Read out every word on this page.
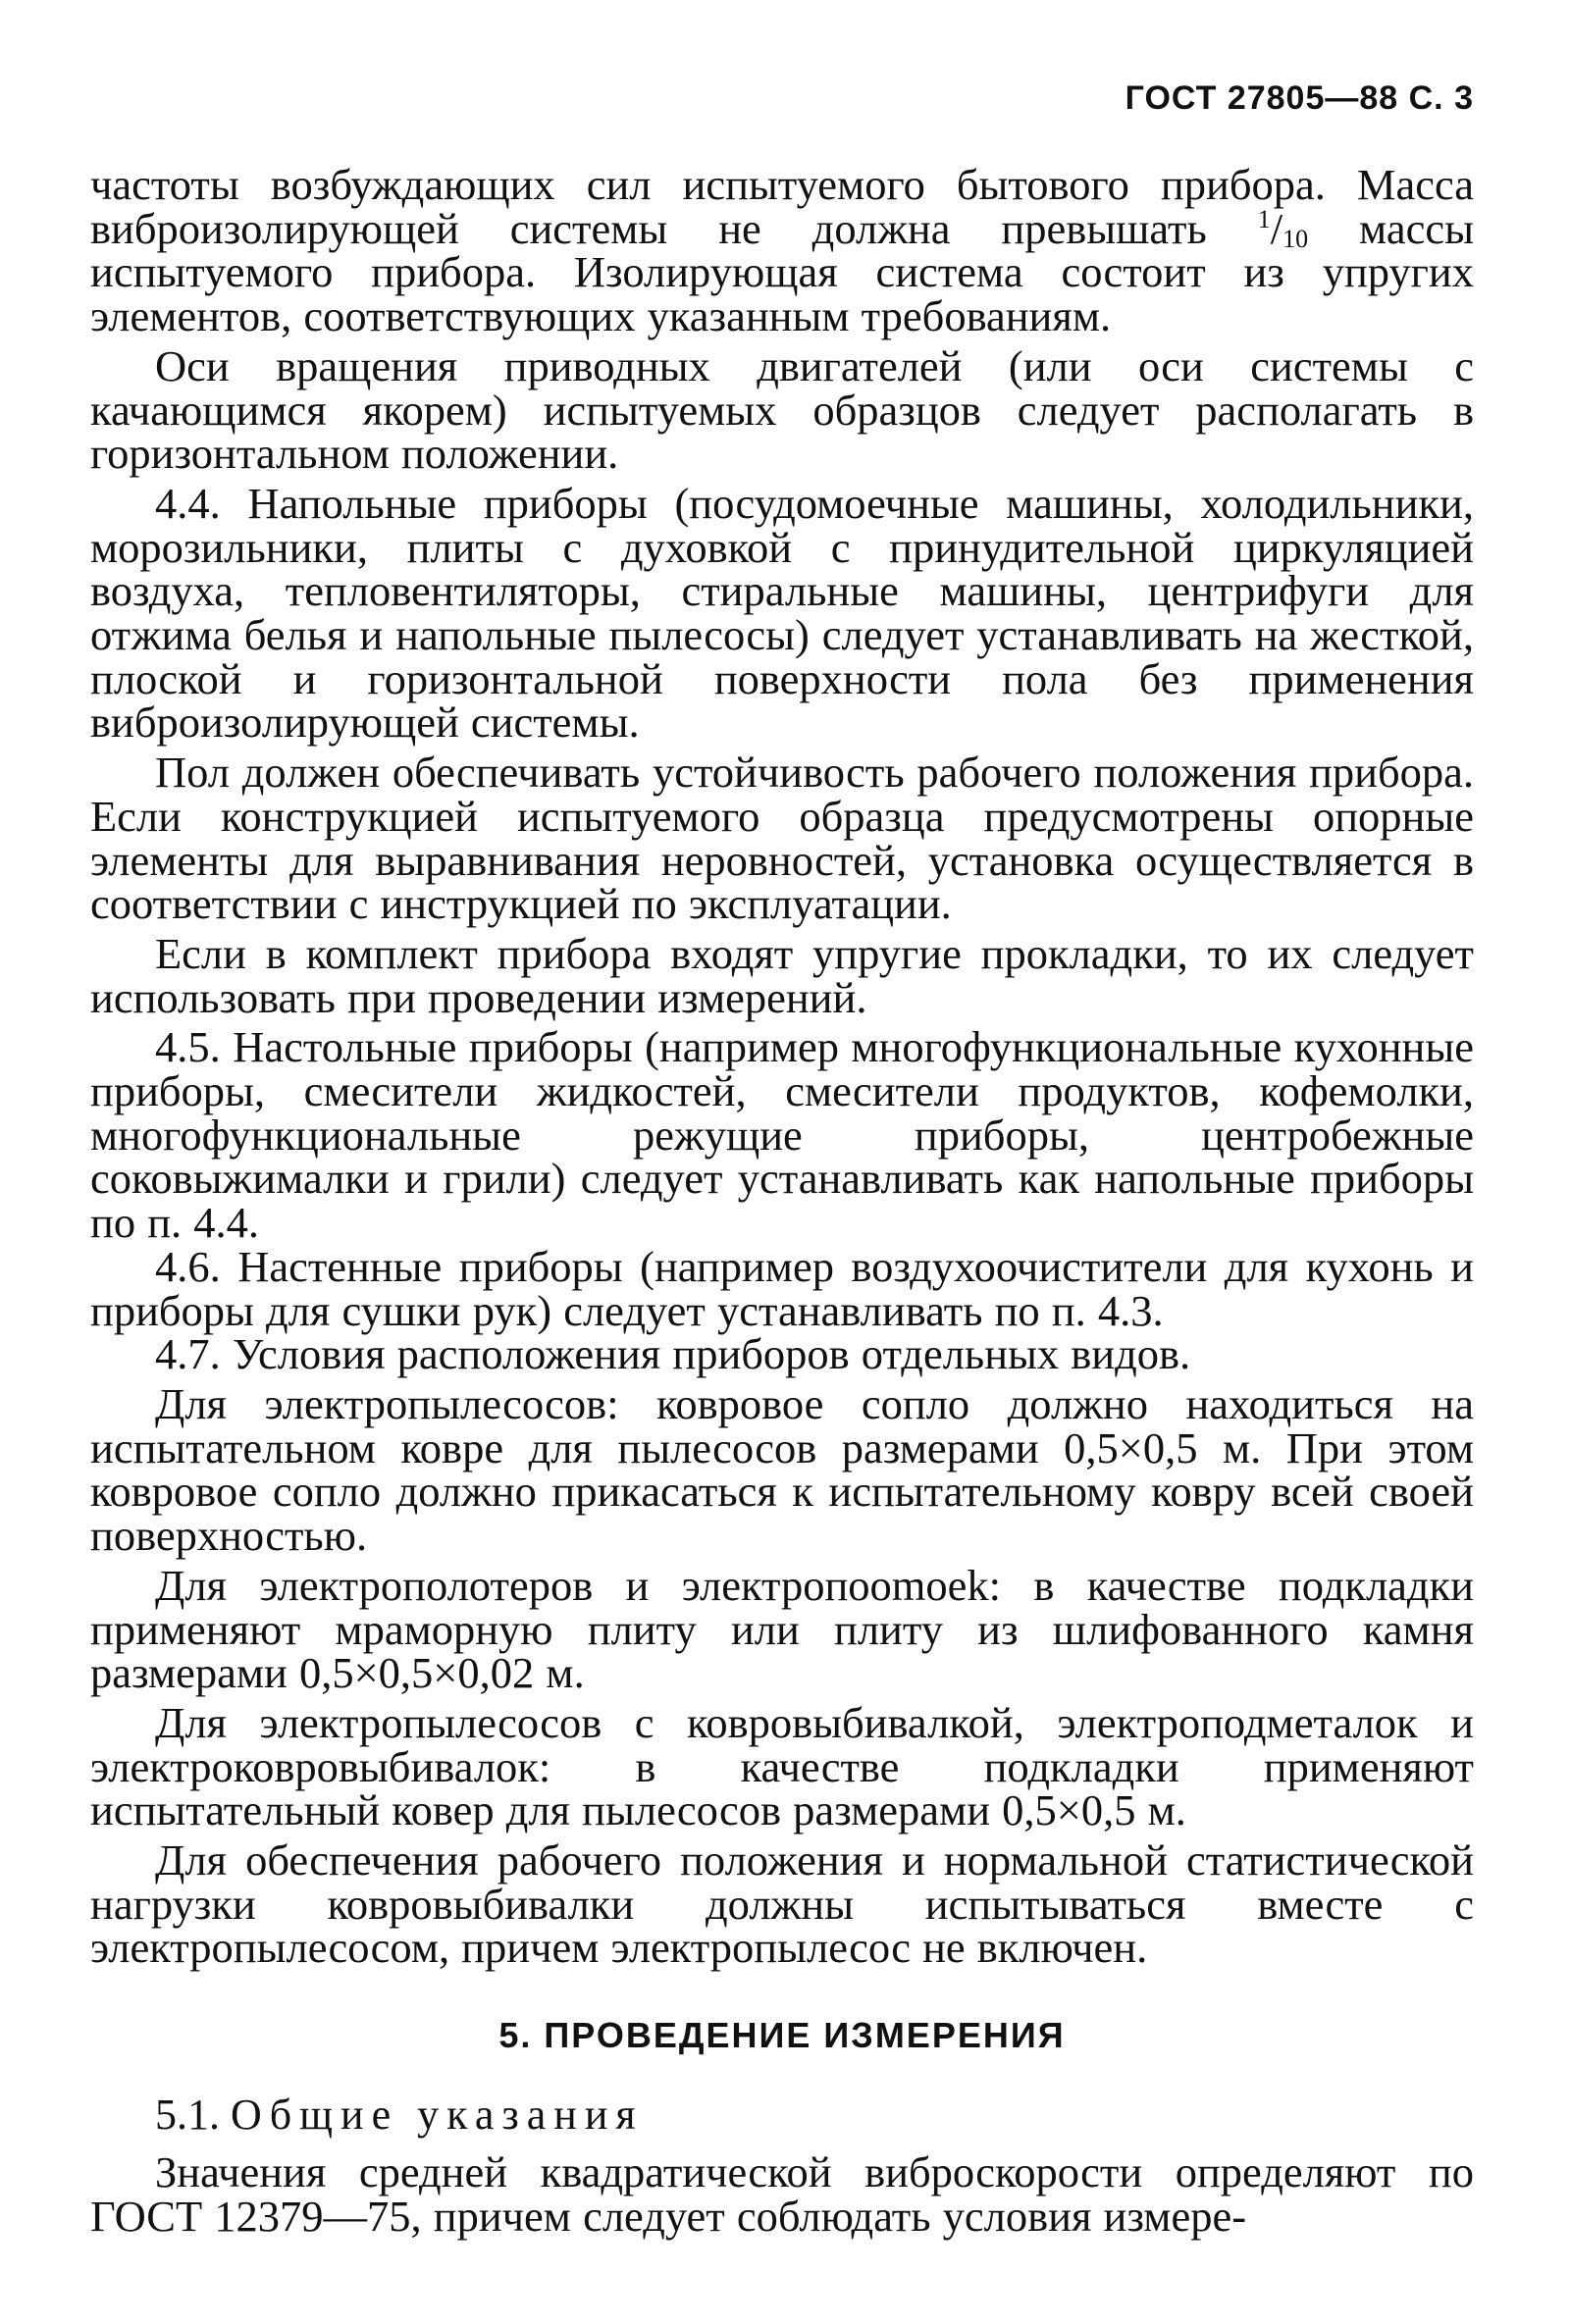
ГОСТ 27805—88 С. 3

частоты возбуждающих сил испытуемого бытового прибора. Масса виброизолирующей системы не должна превышать $^1/_{10}$ массы испытуемого прибора. Изолирующая система состоит из упругих элементов, соответствующих указанным требованиям.

Оси вращения приводных двигателей (или оси системы с качающимся якорем) испытуемых образцов следует располагать в горизонтальном положении.

4.4. Напольные приборы (посудомоечные машины, холодильники, морозильники, плиты с духовкой с принудительной циркуляцией воздуха, тепловентиляторы, стиральные машины, центрифуги для отжима белья и напольные пылесосы) следует устанавливать на жесткой, плоской и горизонтальной поверхности пола без применения виброизолирующей системы.

Пол должен обеспечивать устойчивость рабочего положения прибора. Если конструкцией испытуемого образца предусмотрены опорные элементы для выравнивания неровностей, установка осуществляется в соответствии с инструкцией по эксплуатации.

Если в комплект прибора входят упругие прокладки, то их следует использовать при проведении измерений.

4.5. Настольные приборы (например многофункциональные кухонные приборы, смесители жидкостей, смесители продуктов, кофемолки, многофункциональные режущие приборы, центробежные соковыжималки и грили) следует устанавливать как напольные приборы по п. 4.4.

4.6. Настенные приборы (например воздухоочистители для кухонь и приборы для сушки рук) следует устанавливать по п. 4.3.

4.7. Условия расположения приборов отдельных видов.

Для электропылесосов: ковровое сопло должно находиться на испытательном ковре для пылесосов размерами 0,5×0,5 м. При этом ковровое сопло должно прикасаться к испытательному ковру всей своей поверхностью.

Для электрополотеров и электропоomoek: в качестве подкладки применяют мраморную плиту или плиту из шлифованного камня размерами 0,5×0,5×0,02 м.

Для электропылесосов с ковровыбивалкой, электроподметалок и электроковровыбивалок: в качестве подкладки применяют испытательный ковер для пылесосов размерами 0,5×0,5 м.

Для обеспечения рабочего положения и нормальной статистической нагрузки ковровыбивалки должны испытываться вместе с электропылесосом, причем электропылесос не включен.

5. ПРОВЕДЕНИЕ ИЗМЕРЕНИЯ
5.1. Общие указания

Значения средней квадратической виброскорости определяют по ГОСТ 12379—75, причем следует соблюдать условия измере-
